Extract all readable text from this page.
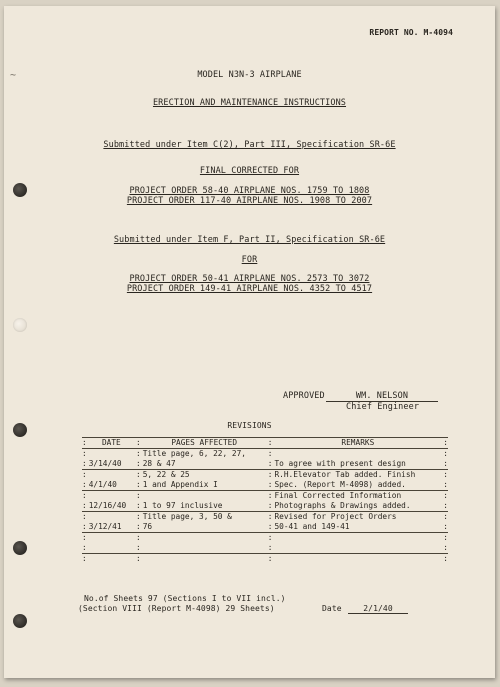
~
REPORT NO. M-4094
MODEL N3N-3 AIRPLANE
ERECTION AND MAINTENANCE INSTRUCTIONS
Submitted under Item C(2), Part III, Specification SR-6E
FINAL CORRECTED FOR
PROJECT ORDER 58-40 AIRPLANE NOS. 1759 TO 1808
PROJECT ORDER 117-40 AIRPLANE NOS. 1908 TO 2007
Submitted under Item F, Part II, Specification SR-6E
FOR
PROJECT ORDER 50-41 AIRPLANE NOS. 2573 TO 3072
PROJECT ORDER 149-41 AIRPLANE NOS. 4352 TO 4517
APPROVED	WM. NELSON
Chief Engineer
REVISIONS
:	DATE	:	PAGES AFFECTED	:	REMARKS	:
:		:	Title page, 6, 22, 27,	:		:
:	3/14/40	:	28 & 47	:	To agree with present design	:
:		:	5, 22 & 25	:	R.H.Elevator Tab added. Finish	:
:	4/1/40	:	1 and Appendix I	:	Spec. (Report M-4098) added.	:
:		:		:	Final Corrected Information	:
:	12/16/40	:	1 to 97 inclusive	:	Photographs & Drawings added.	:
:		:	Title page, 3, 50 &	:	Revised for Project Orders	:
:	3/12/41	:	76	:	50-41 and 149-41	:
:		:		:		:
:		:		:		:
:		:		:		:
No.of Sheets 97 (Sections I to VII incl.)
(Section VIII (Report M-4098) 29 Sheets)	Date	2/1/40
